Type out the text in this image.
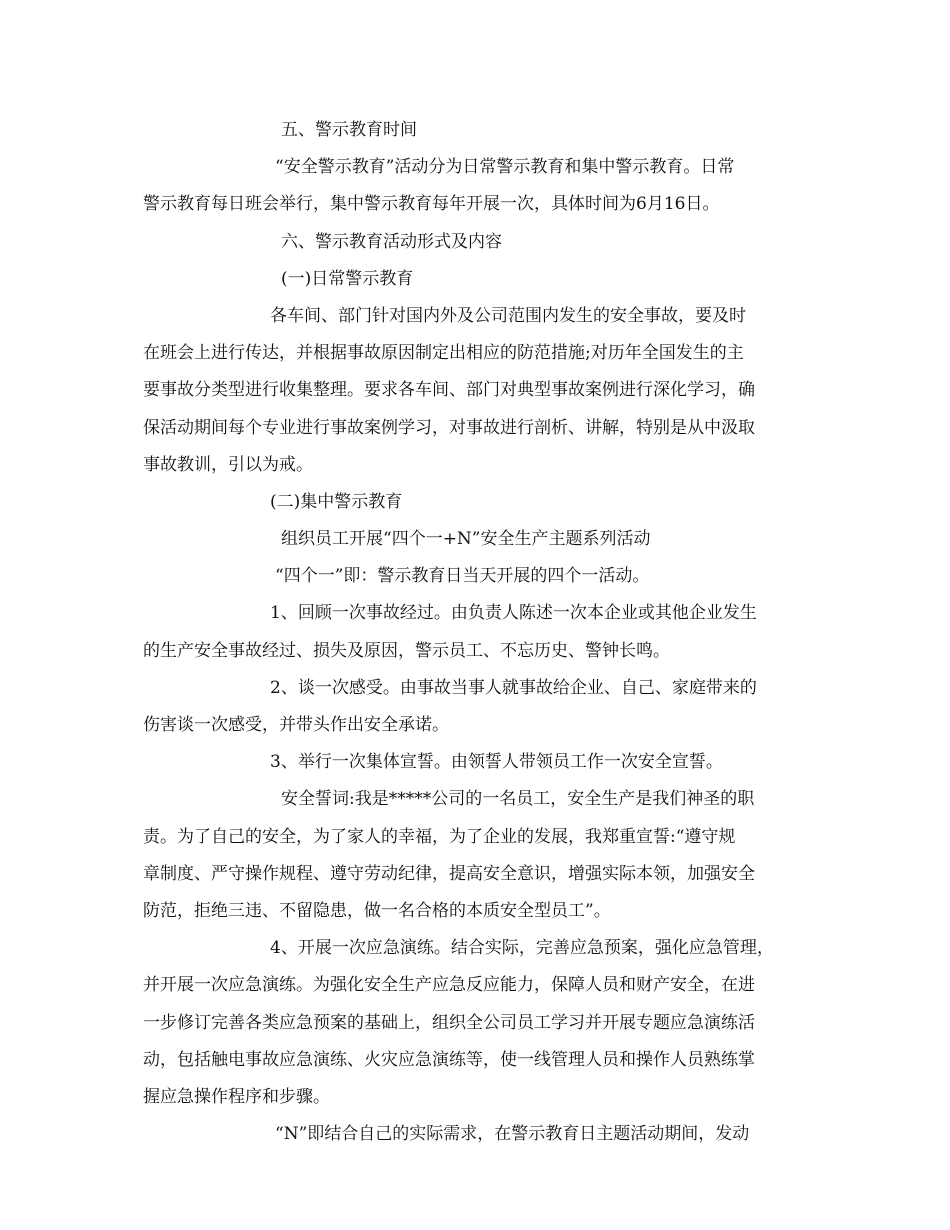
五、警示教育时间
“安全警示教育”活动分为日常警示教育和集中警示教育。日常
警示教育每日班会举行，集中警示教育每年开展一次，具体时间为6月16日。
六、警示教育活动形式及内容
(一)日常警示教育
各车间、部门针对国内外及公司范围内发生的安全事故，要及时
在班会上进行传达，并根据事故原因制定出相应的防范措施;对历年全国发生的主
要事故分类型进行收集整理。要求各车间、部门对典型事故案例进行深化学习，确
保活动期间每个专业进行事故案例学习，对事故进行剖析、讲解，特别是从中汲取
事故教训，引以为戒。
(二)集中警示教育
组织员工开展“四个一+N”安全生产主题系列活动
“四个一”即：警示教育日当天开展的四个一活动。
1、回顾一次事故经过。由负责人陈述一次本企业或其他企业发生
的生产安全事故经过、损失及原因，警示员工、不忘历史、警钟长鸣。
2、谈一次感受。由事故当事人就事故给企业、自己、家庭带来的
伤害谈一次感受，并带头作出安全承诺。
3、举行一次集体宣誓。由领誓人带领员工作一次安全宣誓。
安全誓词:我是*****公司的一名员工，安全生产是我们神圣的职
责。为了自己的安全，为了家人的幸福，为了企业的发展，我郑重宣誓:“遵守规
章制度、严守操作规程、遵守劳动纪律，提高安全意识，增强实际本领，加强安全
防范，拒绝三违、不留隐患，做一名合格的本质安全型员工”。
4、开展一次应急演练。结合实际，完善应急预案，强化应急管理，
并开展一次应急演练。为强化安全生产应急反应能力，保障人员和财产安全，在进
一步修订完善各类应急预案的基础上，组织全公司员工学习并开展专题应急演练活
动，包括触电事故应急演练、火灾应急演练等，使一线管理人员和操作人员熟练掌
握应急操作程序和步骤。
“N”即结合自己的实际需求，在警示教育日主题活动期间，发动
